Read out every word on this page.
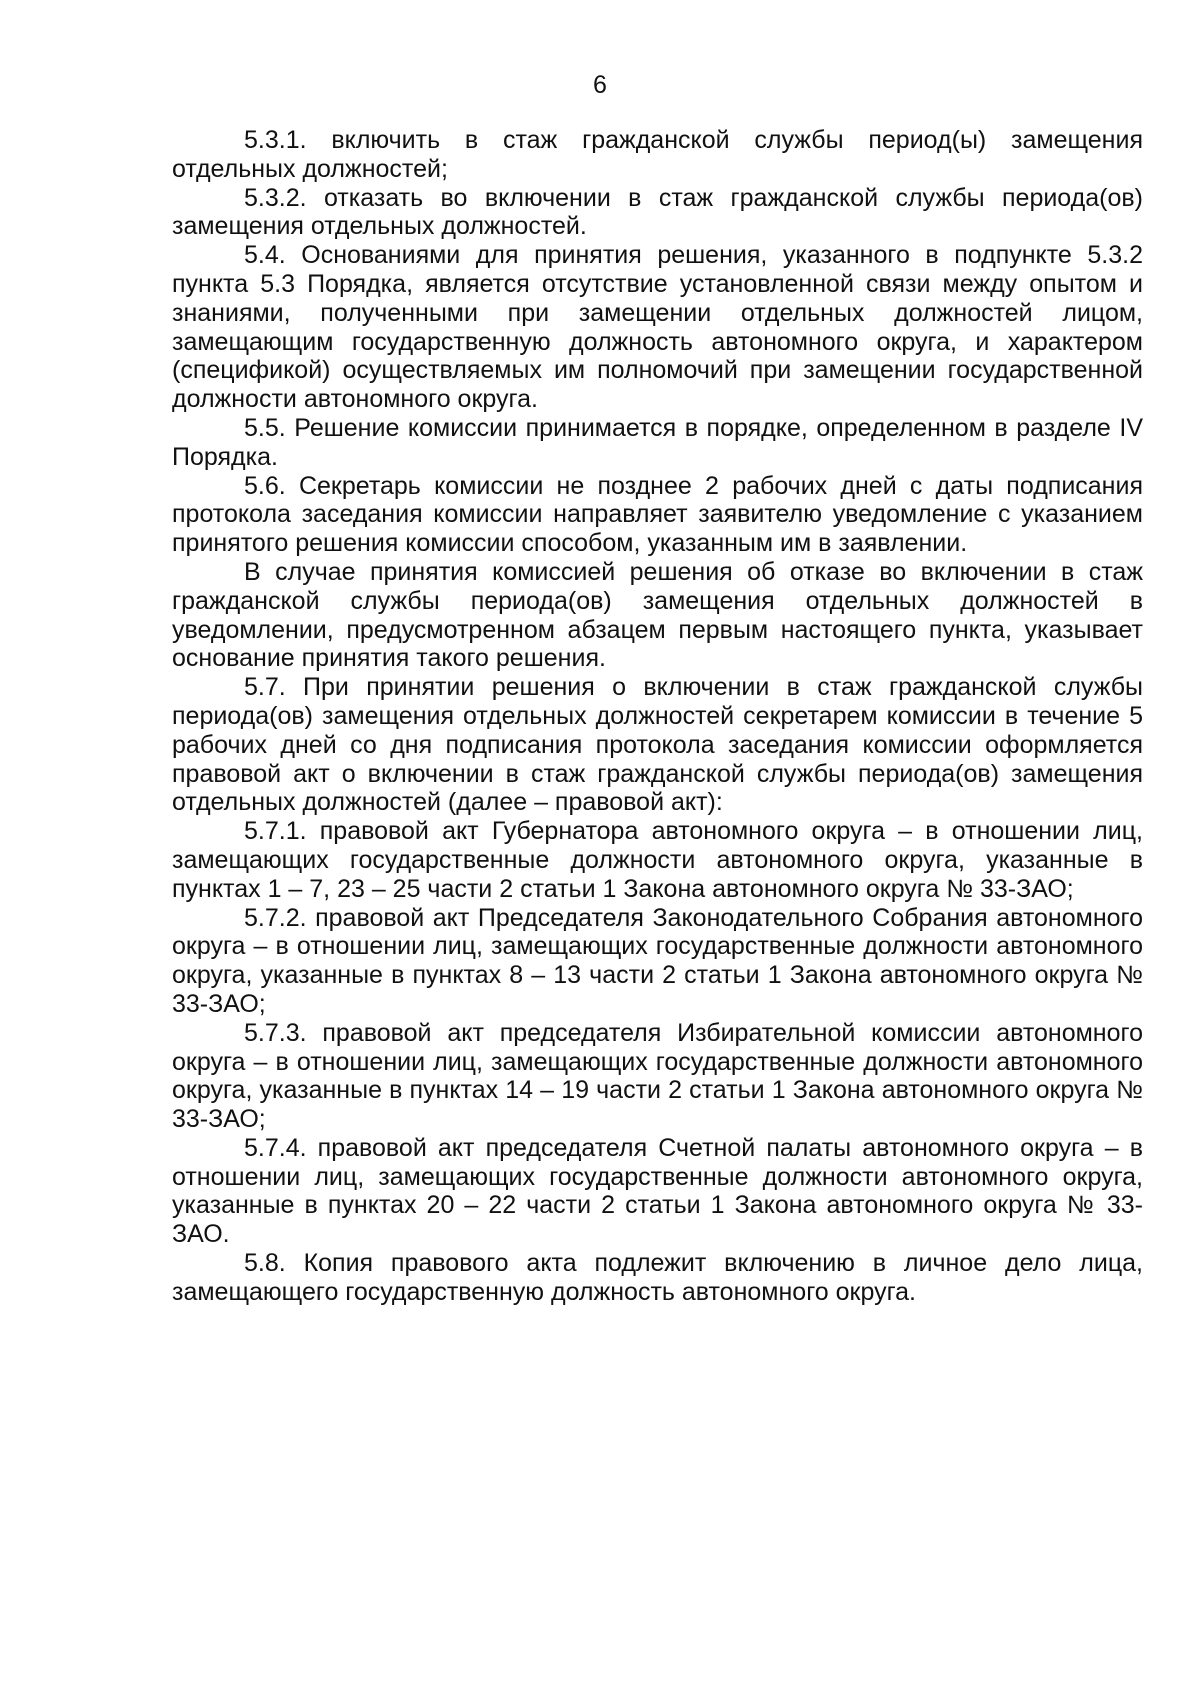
6

5.3.1. включить в стаж гражданской службы период(ы) замещения отдельных должностей;

5.3.2. отказать во включении в стаж гражданской службы периода(ов) замещения отдельных должностей.

5.4. Основаниями для принятия решения, указанного в подпункте 5.3.2 пункта 5.3 Порядка, является отсутствие установленной связи между опытом и знаниями, полученными при замещении отдельных должностей лицом, замещающим государственную должность автономного округа, и характером (спецификой) осуществляемых им полномочий при замещении государственной должности автономного округа.

5.5. Решение комиссии принимается в порядке, определенном в разделе IV Порядка.

5.6. Секретарь комиссии не позднее 2 рабочих дней с даты подписания протокола заседания комиссии направляет заявителю уведомление с указанием принятого решения комиссии способом, указанным им в заявлении.

В случае принятия комиссией решения об отказе во включении в стаж гражданской службы периода(ов) замещения отдельных должностей в уведомлении, предусмотренном абзацем первым настоящего пункта, указывает основание принятия такого решения.

5.7. При принятии решения о включении в стаж гражданской службы периода(ов) замещения отдельных должностей секретарем комиссии в течение 5 рабочих дней со дня подписания протокола заседания комиссии оформляется правовой акт о включении в стаж гражданской службы периода(ов) замещения отдельных должностей (далее – правовой акт):

5.7.1. правовой акт Губернатора автономного округа – в отношении лиц, замещающих государственные должности автономного округа, указанные в пунктах 1 – 7, 23 – 25 части 2 статьи 1 Закона автономного округа № 33-ЗАО;

5.7.2. правовой акт Председателя Законодательного Собрания автономного округа – в отношении лиц, замещающих государственные должности автономного округа, указанные в пунктах 8 – 13 части 2 статьи 1 Закона автономного округа № 33-ЗАО;

5.7.3. правовой акт председателя Избирательной комиссии автономного округа – в отношении лиц, замещающих государственные должности автономного округа, указанные в пунктах 14 – 19 части 2 статьи 1 Закона автономного округа № 33-ЗАО;

5.7.4. правовой акт председателя Счетной палаты автономного округа – в отношении лиц, замещающих государственные должности автономного округа, указанные в пунктах 20 – 22 части 2 статьи 1 Закона автономного округа № 33-ЗАО.

5.8. Копия правового акта подлежит включению в личное дело лица, замещающего государственную должность автономного округа.
